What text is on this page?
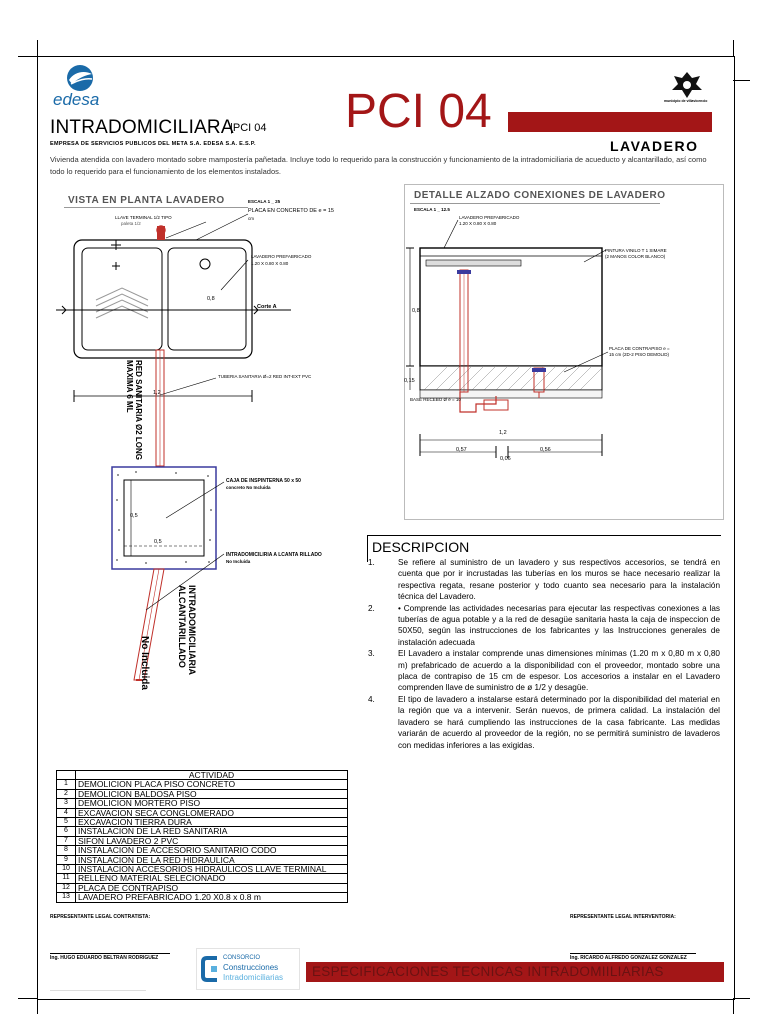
edesa
INTRADOMICILIARA
|PCI 04 PCI 04
LAVADERO
municipio de villavicencio
EMPRESA DE SERVICIOS PUBLICOS DEL META S.A. EDESA S.A. E.S.P.
Vivienda atendida con lavadero montado sobre mampostería pañetada. Incluye todo lo requerido para la construcción y funcionamiento de la intradomiciliaria de acueducto y alcantarillado, así como todo lo requerido para el funcionamiento de los elementos instalados.
VISTA EN PLANTA LAVADERO	ESCALA 1 _ 25
LLAVE TERMINAL 1/2 TIPO
paleta 1/2
PLACA EN CONCRETO DE e = 15
cm
LAVADERO PREFABRICADO
1.20 X 0.80 X 0.80
0,8
Corte A
1,2
RED SANITARIA Ø2 LONG
MAXIMA 6 ML	TUBERIA SANITARIA Ø=2 RED INT-EXT PVC
CAJA DE INSPINTERNA 50 x 50
concreto No Incluida
0,5
0,5
INTRADOMICILIRIA A LCANTA RILLADO
No Incluida
INTRADOMICILIARIA
ALCANTARILLADO
No Incluida
DETALLE ALZADO CONEXIONES DE LAVADERO
ESCALA 1 _ 12.5
LAVADERO PREFABRICADO
1.20 X 0.80 X 0.80
PINTURA VINILO T 1 SIMARE
(2 MANOS COLOR BLANCO)
0,8
PLACA DE CONTRAPISO e =
15 cm (2D-2 PISO DEMOLID)
0,15
BASE RECEBO Ø e = 10
1,2
0,57
0,06
0,56
DESCRIPCION
1.	Se refiere al suministro de un lavadero y sus respectivos accesorios, se tendrá en cuenta que por ir incrustadas las tuberías en los muros se hace necesario realizar la respectiva regata, resane posterior y todo cuanto sea necesario para la instalación técnica del Lavadero.
2.	• Comprende las actividades necesarias para ejecutar las respectivas conexiones a las tuberías de agua potable y a la red de desagüe sanitaria hasta la caja de inspeccion de 50X50, según las instrucciones de los fabricantes y las Instrucciones generales de instalación adecuada
3.	El Lavadero a instalar comprende unas dimensiones mínimas (1.20 m x 0,80 m x 0,80 m) prefabricado de acuerdo a la disponibilidad con el proveedor, montado sobre una placa de contrapiso de 15 cm de espesor. Los accesorios a instalar en el Lavadero comprenden llave de suministro de ø 1/2 y desagüe.
4.	El tipo de lavadero a instalarse estará determinado por la disponibilidad del material en la región que va a intervenir. Serán nuevos, de primera calidad. La instalación del lavadero se hará cumpliendo las instrucciones de la casa fabricante. Las medidas variarán de acuerdo al proveedor de la región, no se permitirá suministro de lavaderos con medidas inferiores a las exigidas.
	ACTIVIDAD
1	DEMOLICION PLACA PISO CONCRETO
2	DEMOLICION BALDOSA PISO
3	DEMOLICION MORTERO PISO
4	EXCAVACION SECA CONGLOMERADO
5	EXCAVACION TIERRA DURA
6	INSTALACION DE LA RED SANITARIA
7	SIFON LAVADERO 2 PVC
8	INSTALACION DE ACCESORIO SANITARIO CODO
9	INSTALACION DE LA RED HIDRAULICA
10	INSTALACION ACCESORIOS HIDRAULICOS LLAVE TERMINAL
11	RELLENO MATERIAL SELECIONADO
12	PLACA DE CONTRAPISO
13	LAVADERO PREFABRICADO 1.20 X0.8 x 0.8 m
REPRESENTANTE LEGAL CONTRATISTA:
Ing. HUGO EDUARDO BELTRAN RODRIGUEZ
REPRESENTANTE LEGAL INTERVENTORIA:
Ing. RICARDO ALFREDO GONZALEZ GONZALEZ
CONSORCIO
Construcciones
Intradomiciliarias ESPECIFICACIONES TECNICAS INTRADOMIILIARIAS
